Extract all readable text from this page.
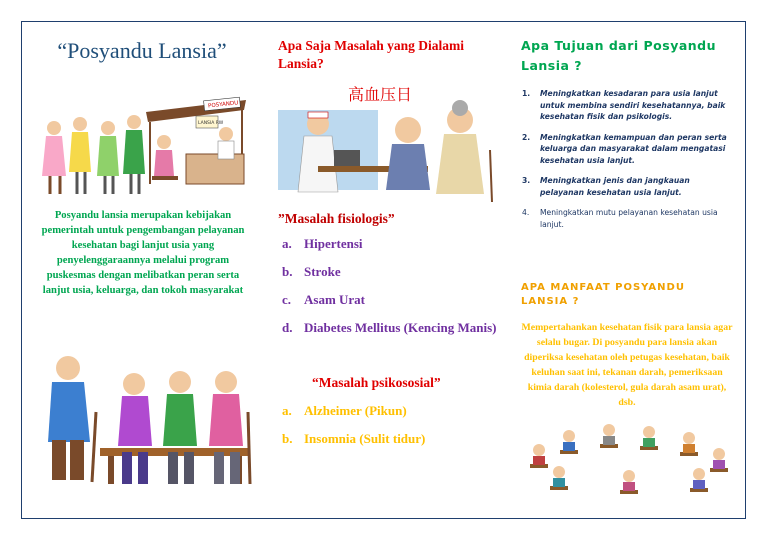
“Posyandu Lansia”
POSYANDU
LANSIA RW
Posyandu lansia merupakan kebijakan pemerintah untuk pengembangan pelayanan kesehatan bagi lanjut usia yang penyelenggaraannya melalui program puskesmas dengan melibatkan peran serta lanjut usia, keluarga, dan tokoh masyarakat
Apa Saja Masalah yang Dialami Lansia?
高血压日
”Masalah fisiologis”
a. Hipertensi
b. Stroke
c. Asam Urat
d. Diabetes Mellitus (Kencing Manis)
“Masalah psikososial”
a. Alzheimer (Pikun)
b. Insomnia (Sulit tidur)
Apa Tujuan dari Posyandu Lansia ?
1.	Meningkatkan kesadaran para usia lanjut untuk membina sendiri kesehatannya, baik kesehatan fisik dan psikologis.
2.	Meningkatkan kemampuan dan peran serta keluarga dan masyarakat dalam mengatasi kesehatan usia lanjut.
3.	Meningkatkan jenis dan jangkauan pelayanan kesehatan usia lanjut.
4.	Meningkatkan mutu pelayanan kesehatan usia lanjut.
APA MANFAAT POSYANDU LANSIA ?
Mempertahankan kesehatan fisik para lansia agar selalu bugar. Di posyandu para lansia akan diperiksa kesehatan oleh petugas kesehatan, baik keluhan saat ini, tekanan darah, pemeriksaan kimia darah (kolesterol, gula darah asam urat), dsb.
